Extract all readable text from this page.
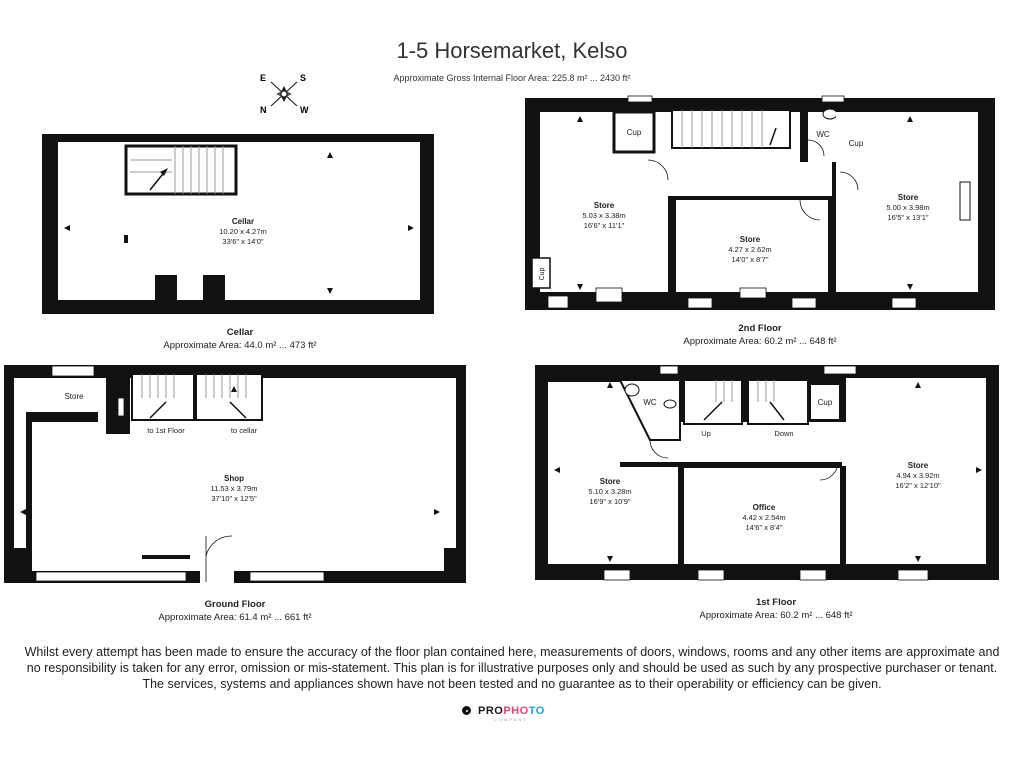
1-5 Horsemarket, Kelso
Approximate Gross Internal Floor Area: 225.8 m² ... 2430 ft²
E	S
N	W
Cellar
10.20 x 4.27m
33'6" x 14'0"
Store
5.03 x 3.38m
16'6" x 11'1"
Store
4.27 x 2.62m
14'0" x 8'7"
Store
5.00 x 3.98m
16'5" x 13'1"
Cup	WC
Cup
Cup
Store
to 1st Floor	to cellar
Shop
11.53 x 3.79m
37'10" x 12'5"
Store
5.10 x 3.28m
16'9" x 10'9"
Office
4.42 x 2.54m
14'6" x 8'4"
Store
4.94 x 3.92m
16'2" x 12'10"
WC
Up	Down
Cup
Cellar
Approximate Area: 44.0 m² ... 473 ft²
2nd Floor
Approximate Area: 60.2 m² ... 648 ft²
Ground Floor
Approximate Area: 61.4 m² ... 661 ft²
1st Floor
Approximate Area: 60.2 m² ... 648 ft²
Whilst every attempt has been made to ensure the accuracy of the floor plan contained here, measurements of doors, windows, rooms and any other items are approximate and
no responsibility is taken for any error, omission or mis-statement. This plan is for illustrative purposes only and should be used as such by any prospective purchaser or tenant.
The services, systems and appliances shown have not been tested and no guarantee as to their operability or efficiency can be given.
PROPHOTO
COMPANY
